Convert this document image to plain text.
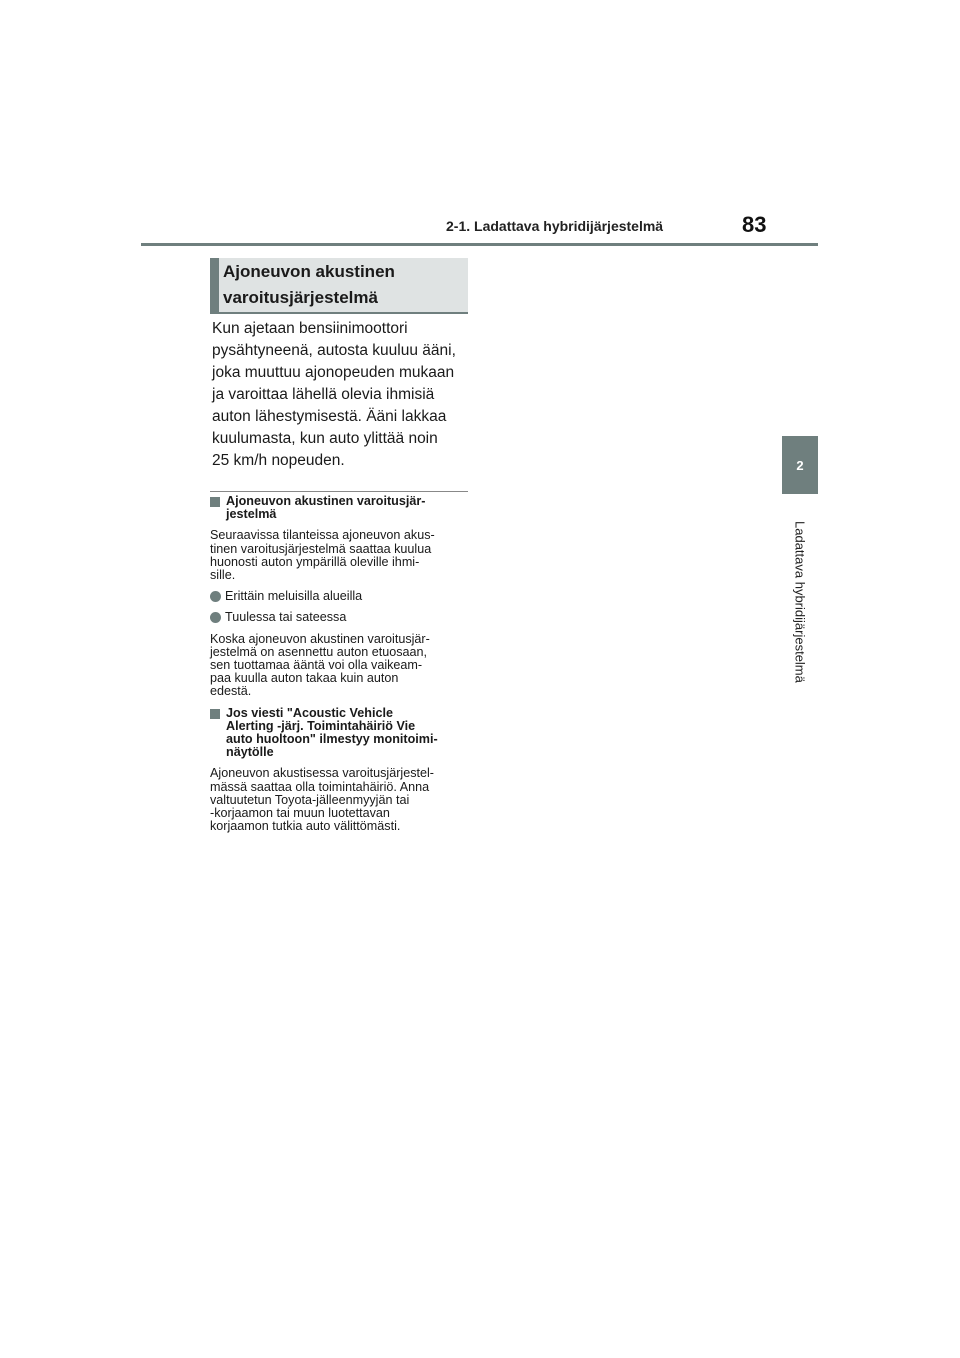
2-1. Ladattava hybridijärjestelmä	83
2
Ladattava hybridijärjestelmä
Ajoneuvon akustinen
varoitusjärjestelmä

Kun ajetaan bensiinimoottori

pysähtyneenä, autosta kuuluu ääni,

joka muuttuu ajonopeuden mukaan

ja varoittaa lähellä olevia ihmisiä

auton lähestymisestä. Ääni lakkaa

kuulumasta, kun auto ylittää noin

25 km/h nopeuden.

Ajoneuvon akustinen varoitusjär-
jestelmä

Seuraavissa tilanteissa ajoneuvon akus-

tinen varoitusjärjestelmä saattaa kuulua

huonosti auton ympärillä oleville ihmi-

sille.

Erittäin meluisilla alueilla
Tuulessa tai sateessa

Koska ajoneuvon akustinen varoitusjär-

jestelmä on asennettu auton etuosaan,

sen tuottamaa ääntä voi olla vaikeam-

paa kuulla auton takaa kuin auton

edestä.

Jos viesti "Acoustic Vehicle
Alerting -järj. Toimintahäiriö Vie
auto huoltoon" ilmestyy monitoimi-
näytölle

Ajoneuvon akustisessa varoitusjärjestel-

mässä saattaa olla toimintahäiriö. Anna

valtuutetun Toyota-jälleenmyyjän tai

-korjaamon tai muun luotettavan

korjaamon tutkia auto välittömästi.
